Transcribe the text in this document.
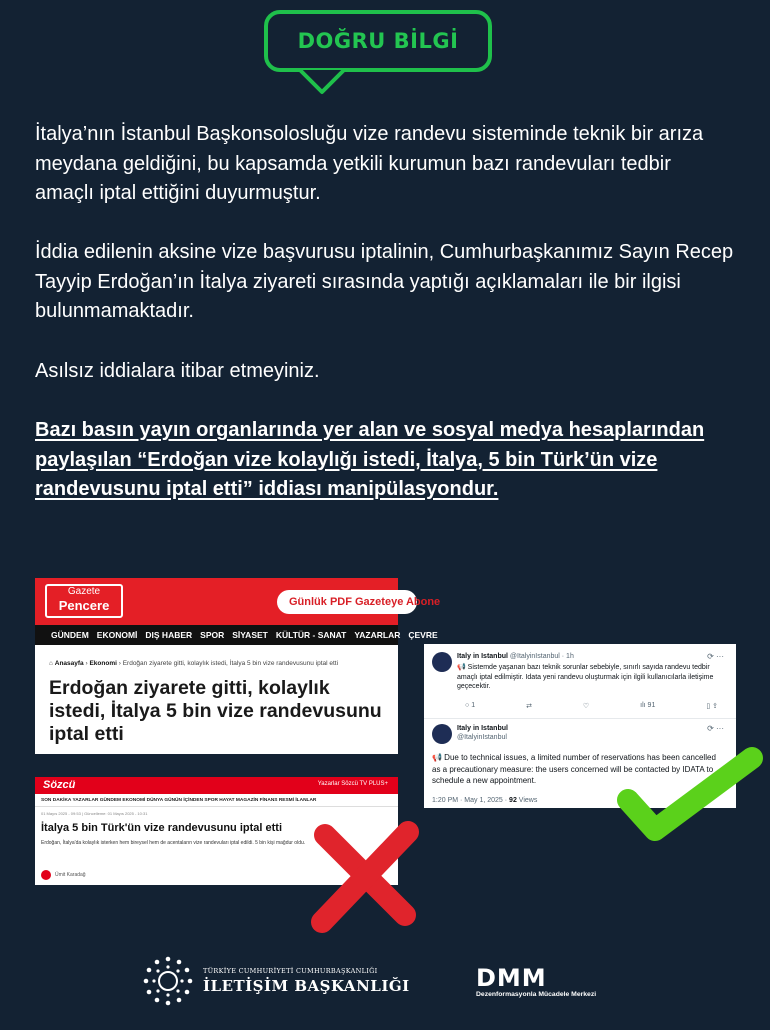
DOĞRU BİLGİ

İtalya’nın İstanbul Başkonsolosluğu vize randevu sisteminde teknik bir arıza meydana geldiğini, bu kapsamda yetkili kurumun bazı randevuları tedbir amaçlı iptal ettiğini duyurmuştur.

İddia edilenin aksine vize başvurusu iptalinin, Cumhurbaşkanımız Sayın Recep Tayyip Erdoğan’ın İtalya ziyareti sırasında yaptığı açıklamaları ile bir ilgisi bulunmamaktadır.

Asılsız iddialara itibar etmeyiniz.

Bazı basın yayın organlarında yer alan ve sosyal medya hesaplarından paylaşılan “Erdoğan vize kolaylığı istedi, İtalya, 5 bin Türk’ün vize randevusunu iptal etti” iddiası manipülasyondur.

Gazete
Pencere	Günlük PDF Gazeteye Abone
GÜNDEM EKONOMİ DIŞ HABER SPOR SİYASET KÜLTÜR - SANAT YAZARLAR ÇEVRE
⌂ Anasayfa › Ekonomi › Erdoğan ziyarete gitti, kolaylık istedi, İtalya 5 bin vize randevusunu iptal etti
Erdoğan ziyarete gitti, kolaylık istedi, İtalya 5 bin vize randevusunu iptal etti
Sözcü	Yazarlar Sözcü TV PLUS+
SON DAKİKA YAZARLAR GÜNDEM EKONOMİ DÜNYA GÜNÜN İÇİNDEN SPOR HAYAT MAGAZİN FİNANS RESMİ İLANLAR
01 Mayıs 2025 - 09:53 | Güncelleme: 01 Mayıs 2025 - 10:31
İtalya 5 bin Türk'ün vize randevusunu iptal etti
Erdoğan, İtalya'da kolaylık isterken hem bireysel hem de acentaların vize randevuları iptal edildi. 5 bin kişi mağdur oldu.
Ümit Karadağ
Italy in Istanbul @ItalyinIstanbul · 1h	⟳ ···
📢 Sistemde yaşanan bazı teknik sorunlar sebebiyle, sınırlı sayıda randevu tedbir amaçlı iptal edilmiştir. Idata yeni randevu oluşturmak için ilgili kullanıcılarla iletişime geçecektir.
○ 1	⇄	♡	ılı 91	▯ ⇪
Italy in Istanbul
@ItalyinIstanbul
⟳ ···
📢 Due to technical issues, a limited number of reservations has been cancelled as a precautionary measure: the users concerned will be contacted by IDATA to schedule a new appointment.
1:20 PM · May 1, 2025 · 92 Views
TÜRKİYE CUMHURİYETİ CUMHURBAŞKANLIĞI
İLETİŞİM BAŞKANLIĞI	DMM
Dezenformasyonla Mücadele Merkezi
